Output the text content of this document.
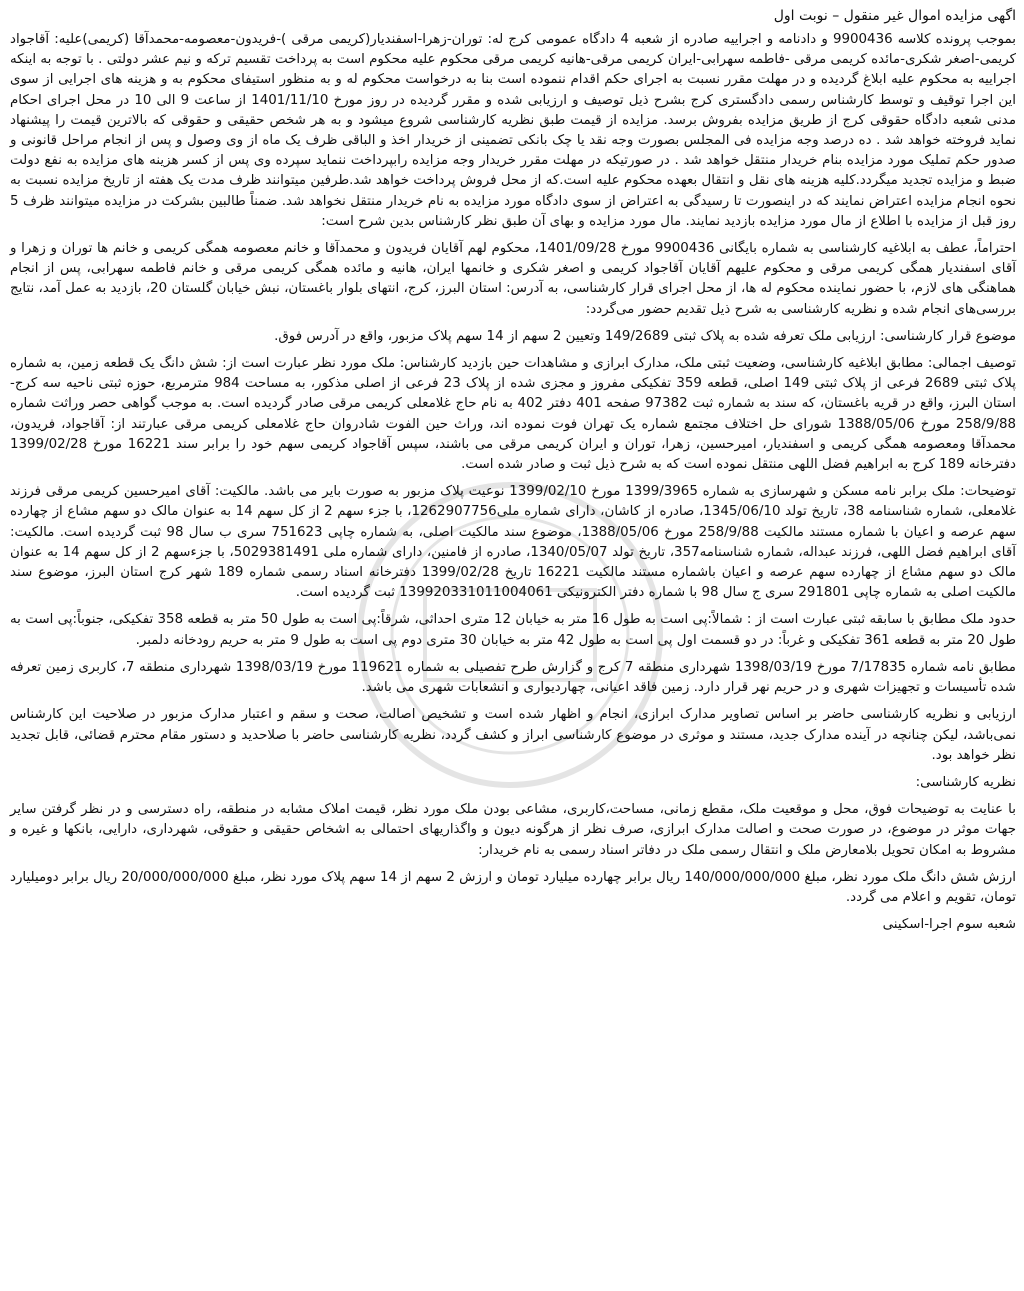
اگهی مزایده اموال غیر منقول – نوبت اول

بموجب پرونده کلاسه 9900436 و دادنامه و اجراییه صادره از شعبه 4 دادگاه عمومی کرج له: توران-زهرا-اسفندیار(کریمی مرقی )-فریدون-معصومه-محمدآقا (کریمی)علیه: آقاجواد کریمی-اصغر شکری-مائده کریمی مرقی -فاطمه سهرابی-ایران کریمی مرقی-هانیه کریمی مرقی محکوم علیه محکوم است به پرداخت تقسیم ترکه و نیم عشر دولتی . با توجه به اینکه اجراییه به محکوم علیه ابلاغ گردیده و در مهلت مقرر نسبت به اجرای حکم اقدام ننموده است بنا به درخواست محکوم له و به منظور استیفای محکوم به و هزینه های اجرایی از سوی این اجرا توقیف و توسط کارشناس رسمی دادگستری کرج بشرح ذیل توصیف و ارزیابی شده و مقرر گردیده در روز مورخ 1401/11/10 از ساعت 9 الی 10 در محل اجرای احکام مدنی شعبه دادگاه حقوقی کرج از طریق مزایده بفروش برسد. مزایده از قیمت طبق نظریه کارشناسی شروع میشود و به هر شخص حقیقی و حقوقی که بالاترین قیمت را پیشنهاد نماید فروخته خواهد شد . ده درصد وجه مزایده فی المجلس بصورت وجه نقد یا چک بانکی تضمینی از خریدار اخذ و الباقی ظرف یک ماه از وی وصول و پس از انجام مراحل قانونی و صدور حکم تملیک مورد مزایده بنام خریدار منتقل خواهد شد . در صورتیکه در مهلت مقرر خریدار وجه مزایده رابپرداخت ننماید سپرده وی پس از کسر هزینه های مزایده به نفع دولت ضبط و مزایده تجدید میگردد.کلیه هزینه های نقل و انتقال بعهده محکوم علیه است.که از محل فروش پرداخت خواهد شد.طرفین میتوانند ظرف مدت یک هفته از تاریخ مزایده نسبت به نحوه انجام مزایده اعتراض نمایند که در اینصورت تا رسیدگی به اعتراض از سوی دادگاه مورد مزایده به نام خریدار منتقل نخواهد شد. ضمناً طالبین بشرکت در مزایده میتوانند ظرف 5 روز قبل از مزایده با اطلاع از مال مورد مزایده بازدید نمایند. مال مورد مزایده و بهای آن طبق نظر کارشناس بدین شرح است:

احتراماً، عطف به ابلاغیه کارشناسی به شماره بایگانی 9900436 مورخ 1401/09/28، محکوم لهم آقایان فریدون و محمدآقا و خانم معصومه همگی کریمی و خانم ها توران و زهرا و آقای اسفندیار همگی کریمی مرقی و محکوم علیهم آقایان آقاجواد کریمی و اصغر شکری و خانمها ایران، هانیه و مائده همگی کریمی مرقی و خانم فاطمه سهرابی، پس از انجام هماهنگی های لازم، با حضور نماینده محکوم له ها، از محل اجرای قرار کارشناسی، به آدرس: استان البرز، کرج، انتهای بلوار باغستان، نبش خیابان گلستان 20، بازدید به عمل آمد، نتایج بررسی‌های انجام شده و نظریه کارشناسی به شرح ذیل تقدیم حضور می‌گردد:

موضوع قرار کارشناسی: ارزیابی ملک تعرفه شده به پلاک ثبتی 149/2689 وتعیین 2 سهم از 14 سهم پلاک مزبور، واقع در آدرس فوق.

توصیف اجمالی: مطابق ابلاغیه کارشناسی، وضعیت ثبتی ملک، مدارک ابرازی و مشاهدات حین بازدید کارشناس: ملک مورد نظر عبارت است از: شش دانگ یک قطعه زمین، به شماره پلاک ثبتی 2689 فرعی از پلاک ثبتی 149 اصلی، قطعه 359 تفکیکی مفروز و مجزی شده از پلاک 23 فرعی از اصلی مذکور، به مساحت 984 مترمربع، حوزه ثبتی ناحیه سه کرج-استان البرز، واقع در قریه باغستان، که سند به شماره ثبت 97382 صفحه 401 دفتر 402 به نام حاج غلامعلی کریمی مرقی صادر گردیده است. به موجب گواهی حصر وراثت شماره 258/9/88 مورخ 1388/05/06 شورای حل اختلاف مجتمع شماره یک تهران فوت نموده اند، وراث حین الفوت شادروان حاج غلامعلی کریمی مرقی عبارتند از: آقاجواد، فریدون، محمدآقا ومعصومه همگی کریمی و اسفندیار، امیرحسین، زهرا، توران و ایران کریمی مرقی می باشند، سپس آقاجواد کریمی سهم خود را برابر سند 16221 مورخ 1399/02/28 دفترخانه 189 کرج به ابراهیم فضل اللهی منتقل نموده است که به شرح ذیل ثبت و صادر شده است.

توضیحات: ملک برابر نامه مسکن و شهرسازی به شماره 1399/3965 مورخ 1399/02/10 نوعیت پلاک مزبور به صورت بایر می باشد. مالکیت: آقای امیرحسین کریمی مرقی فرزند غلامعلی، شماره شناسنامه 38، تاریخ تولد 1345/06/10، صادره از کاشان، دارای شماره ملی1262907756، با جزء سهم 2 از کل سهم 14 به عنوان مالک دو سهم مشاع از چهارده سهم عرصه و اعیان با شماره مستند مالکیت 258/9/88 مورخ 1388/05/06، موضوع سند مالکیت اصلی، به شماره چاپی 751623 سری ب سال 98 ثبت گردیده است. مالکیت: آقای ابراهیم فضل اللهی، فرزند عبداله، شماره شناسنامه357، تاریخ تولد 1340/05/07، صادره از فامنین، دارای شماره ملی 5029381491، با جزءسهم 2 از کل سهم 14 به عنوان مالک دو سهم مشاع از چهارده سهم عرصه و اعیان باشماره مستند مالکیت 16221 تاریخ 1399/02/28 دفترخانه اسناد رسمی شماره 189 شهر کرج استان البرز، موضوع سند مالکیت اصلی به شماره چاپی 291801 سری ج سال 98 با شماره دفتر الکترونیکی 139920331011004061 ثبت گردیده است.

حدود ملک مطابق با سابقه ثبتی عبارت است از : شمالاً:پی است به طول 16 متر به خیابان 12 متری احداثی، شرقاً:پی است به طول 50 متر به قطعه 358 تفکیکی، جنوباً:پی است به طول 20 متر به قطعه 361 تفکیکی و غرباً: در دو قسمت اول پی است به طول 42 متر به خیابان 30 متری دوم پی است به طول 9 متر به حریم رودخانه دلمبر.

مطابق نامه شماره 7/17835 مورخ 1398/03/19 شهرداری منطقه 7 کرج و گزارش طرح تفصیلی به شماره 119621 مورخ 1398/03/19 شهرداری منطقه 7، کاربری زمین تعرفه شده تأسیسات و تجهیزات شهری و در حریم نهر قرار دارد. زمین فاقد اعیانی، چهاردیواری و انشعابات شهری می باشد.

ارزیابی و نظریه کارشناسی حاضر بر اساس تصاویر مدارک ابرازی، انجام و اظهار شده است و تشخیص اصالت، صحت و سقم و اعتبار مدارک مزبور در صلاحیت این کارشناس نمی‌باشد، لیکن چنانچه در آینده مدارک جدید، مستند و موثری در موضوع کارشناسی ابراز و کشف گردد، نظریه کارشناسی حاضر با صلاحدید و دستور مقام محترم قضائی، قابل تجدید نظر خواهد بود.

نظریه کارشناسی:

با عنایت به توضیحات فوق، محل و موقعیت ملک، مقطع زمانی، مساحت،کاربری، مشاعی بودن ملک مورد نظر، قیمت املاک مشابه در منطقه، راه دسترسی و در نظر گرفتن سایر جهات موثر در موضوع، در صورت صحت و اصالت مدارک ابرازی، صرف نظر از هرگونه دیون و واگذاریهای احتمالی به اشخاص حقیقی و حقوقی، شهرداری، دارایی، بانکها و غیره و مشروط به امکان تحویل بلامعارض ملک و انتقال رسمی ملک در دفاتر اسناد رسمی به نام خریدار:

ارزش شش دانگ ملک مورد نظر، مبلغ 140/000/000/000 ریال برابر چهارده میلیارد تومان و ارزش 2 سهم از 14 سهم پلاک مورد نظر، مبلغ 20/000/000/000 ریال برابر دومیلیارد تومان، تقویم و اعلام می گردد.

شعبه سوم اجرا-اسکینی
